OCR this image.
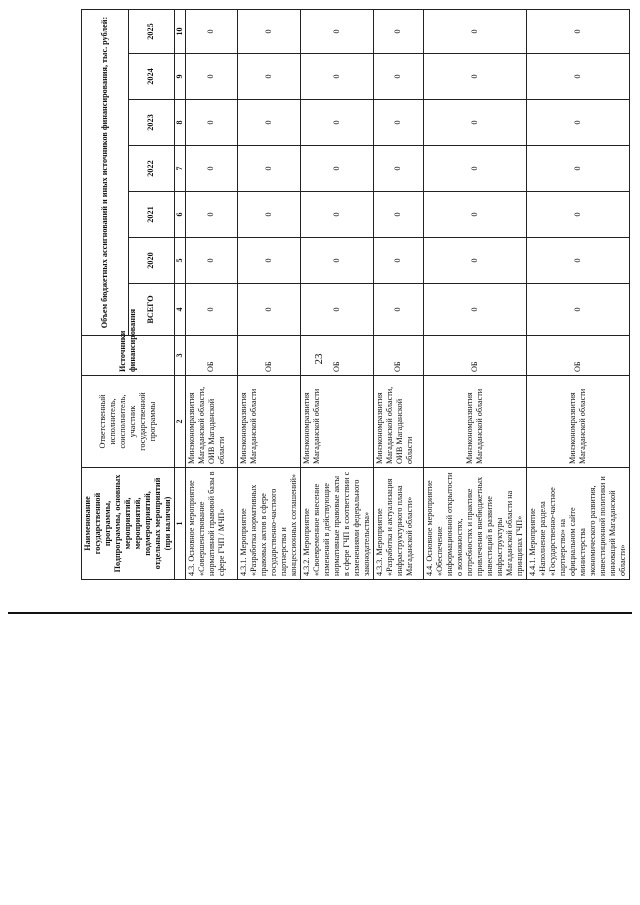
23
Наименование государственной программы, Подпрограммы, основных мероприятий, мероприятий, подмероприятий, отдельных мероприятий (при наличии)	Ответственный исполнитель, соисполнитель, участник государственной программы	Источники финансирования	Объем бюджетных ассигнований и иных источников финансирования, тыс. рублей:						
			ВСЕГО	2020	2021	2022	2023	2024	2025
1	2	3	4	5	6	7	8	9	10
4.3. Основное мероприятие «Совершенствование нормативной правовой базы в сфере ГЧП / МЧП»	Минэкономразвития Магаданской области, ОИВ Магаданской области	ОБ	0	0	0	0	0	0	0
4.3.1. Мероприятие «Разработка нормативных правовых актов в сфере государственно-частного партнерства и концессионных соглашений»	Минэкономразвития Магаданской области	ОБ	0	0	0	0	0	0	0
4.3.2. Мероприятие «Своевременное внесение изменений в действующие нормативные правовые акты в сфере ГЧП в соответствии с изменениями федерального законодательства»	Минэкономразвития Магаданской области	ОБ	0	0	0	0	0	0	0
4.3.3. Мероприятие «Разработка и актуализация инфраструктурного плана Магаданской области»	Минэкономразвития Магаданской области, ОИВ Магаданской области	ОБ	0	0	0	0	0	0	0
4.4. Основное мероприятие «Обеспечение информационной открытости о возможностях, потребностях и практике привлечения внебюджетных инвестиций в развитие инфраструктуры Магаданской области на принципах ГЧП»	Минэкономразвития Магаданской области	ОБ	0	0	0	0	0	0	0
4.4.1. Мероприятие «Наполнение раздела «Государственно-частное партнерство» на официальном сайте министерства экономического развития, инвестиционной политики и инноваций Магаданской области»	Минэкономразвития Магаданской области	ОБ	0	0	0	0	0	0	0
